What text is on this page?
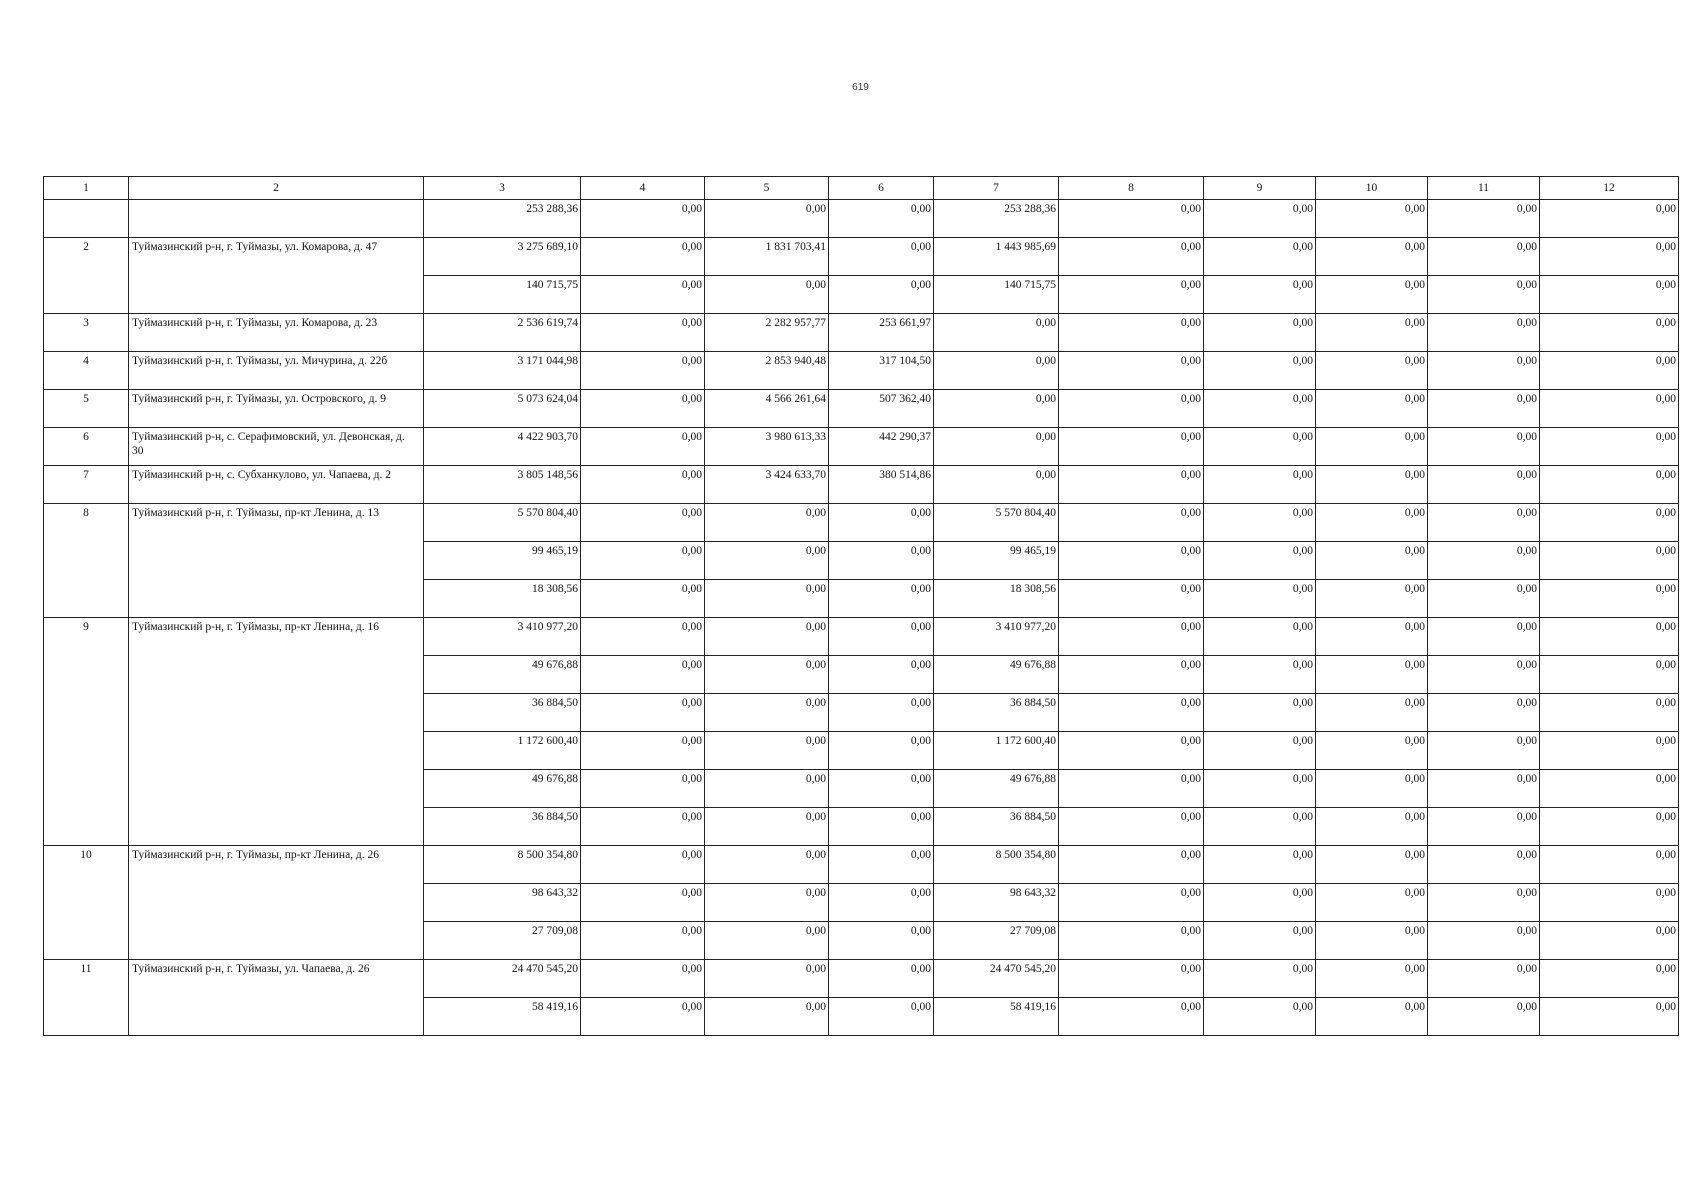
619
1	2	3	4	5	6	7	8	9	10	11	12
		253 288,36	0,00	0,00	0,00	253 288,36	0,00	0,00	0,00	0,00	0,00
2	Туймазинский р-н, г. Туймазы, ул. Комарова, д. 47	3 275 689,10	0,00	1 831 703,41	0,00	1 443 985,69	0,00	0,00	0,00	0,00	0,00
		140 715,75	0,00	0,00	0,00	140 715,75	0,00	0,00	0,00	0,00	0,00
3	Туймазинский р-н, г. Туймазы, ул. Комарова, д. 23	2 536 619,74	0,00	2 282 957,77	253 661,97	0,00	0,00	0,00	0,00	0,00	0,00
4	Туймазинский р-н, г. Туймазы, ул. Мичурина, д. 22б	3 171 044,98	0,00	2 853 940,48	317 104,50	0,00	0,00	0,00	0,00	0,00	0,00
5	Туймазинский р-н, г. Туймазы, ул. Островского, д. 9	5 073 624,04	0,00	4 566 261,64	507 362,40	0,00	0,00	0,00	0,00	0,00	0,00
6	Туймазинский р-н, с. Серафимовский, ул. Девонская, д. 30	4 422 903,70	0,00	3 980 613,33	442 290,37	0,00	0,00	0,00	0,00	0,00	0,00
7	Туймазинский р-н, с. Субханкулово, ул. Чапаева, д. 2	3 805 148,56	0,00	3 424 633,70	380 514,86	0,00	0,00	0,00	0,00	0,00	0,00
8	Туймазинский р-н, г. Туймазы, пр-кт Ленина, д. 13	5 570 804,40	0,00	0,00	0,00	5 570 804,40	0,00	0,00	0,00	0,00	0,00
		99 465,19	0,00	0,00	0,00	99 465,19	0,00	0,00	0,00	0,00	0,00
		18 308,56	0,00	0,00	0,00	18 308,56	0,00	0,00	0,00	0,00	0,00
9	Туймазинский р-н, г. Туймазы, пр-кт Ленина, д. 16	3 410 977,20	0,00	0,00	0,00	3 410 977,20	0,00	0,00	0,00	0,00	0,00
		49 676,88	0,00	0,00	0,00	49 676,88	0,00	0,00	0,00	0,00	0,00
		36 884,50	0,00	0,00	0,00	36 884,50	0,00	0,00	0,00	0,00	0,00
		1 172 600,40	0,00	0,00	0,00	1 172 600,40	0,00	0,00	0,00	0,00	0,00
		49 676,88	0,00	0,00	0,00	49 676,88	0,00	0,00	0,00	0,00	0,00
		36 884,50	0,00	0,00	0,00	36 884,50	0,00	0,00	0,00	0,00	0,00
10	Туймазинский р-н, г. Туймазы, пр-кт Ленина, д. 26	8 500 354,80	0,00	0,00	0,00	8 500 354,80	0,00	0,00	0,00	0,00	0,00
		98 643,32	0,00	0,00	0,00	98 643,32	0,00	0,00	0,00	0,00	0,00
		27 709,08	0,00	0,00	0,00	27 709,08	0,00	0,00	0,00	0,00	0,00
11	Туймазинский р-н, г. Туймазы, ул. Чапаева, д. 26	24 470 545,20	0,00	0,00	0,00	24 470 545,20	0,00	0,00	0,00	0,00	0,00
		58 419,16	0,00	0,00	0,00	58 419,16	0,00	0,00	0,00	0,00	0,00
